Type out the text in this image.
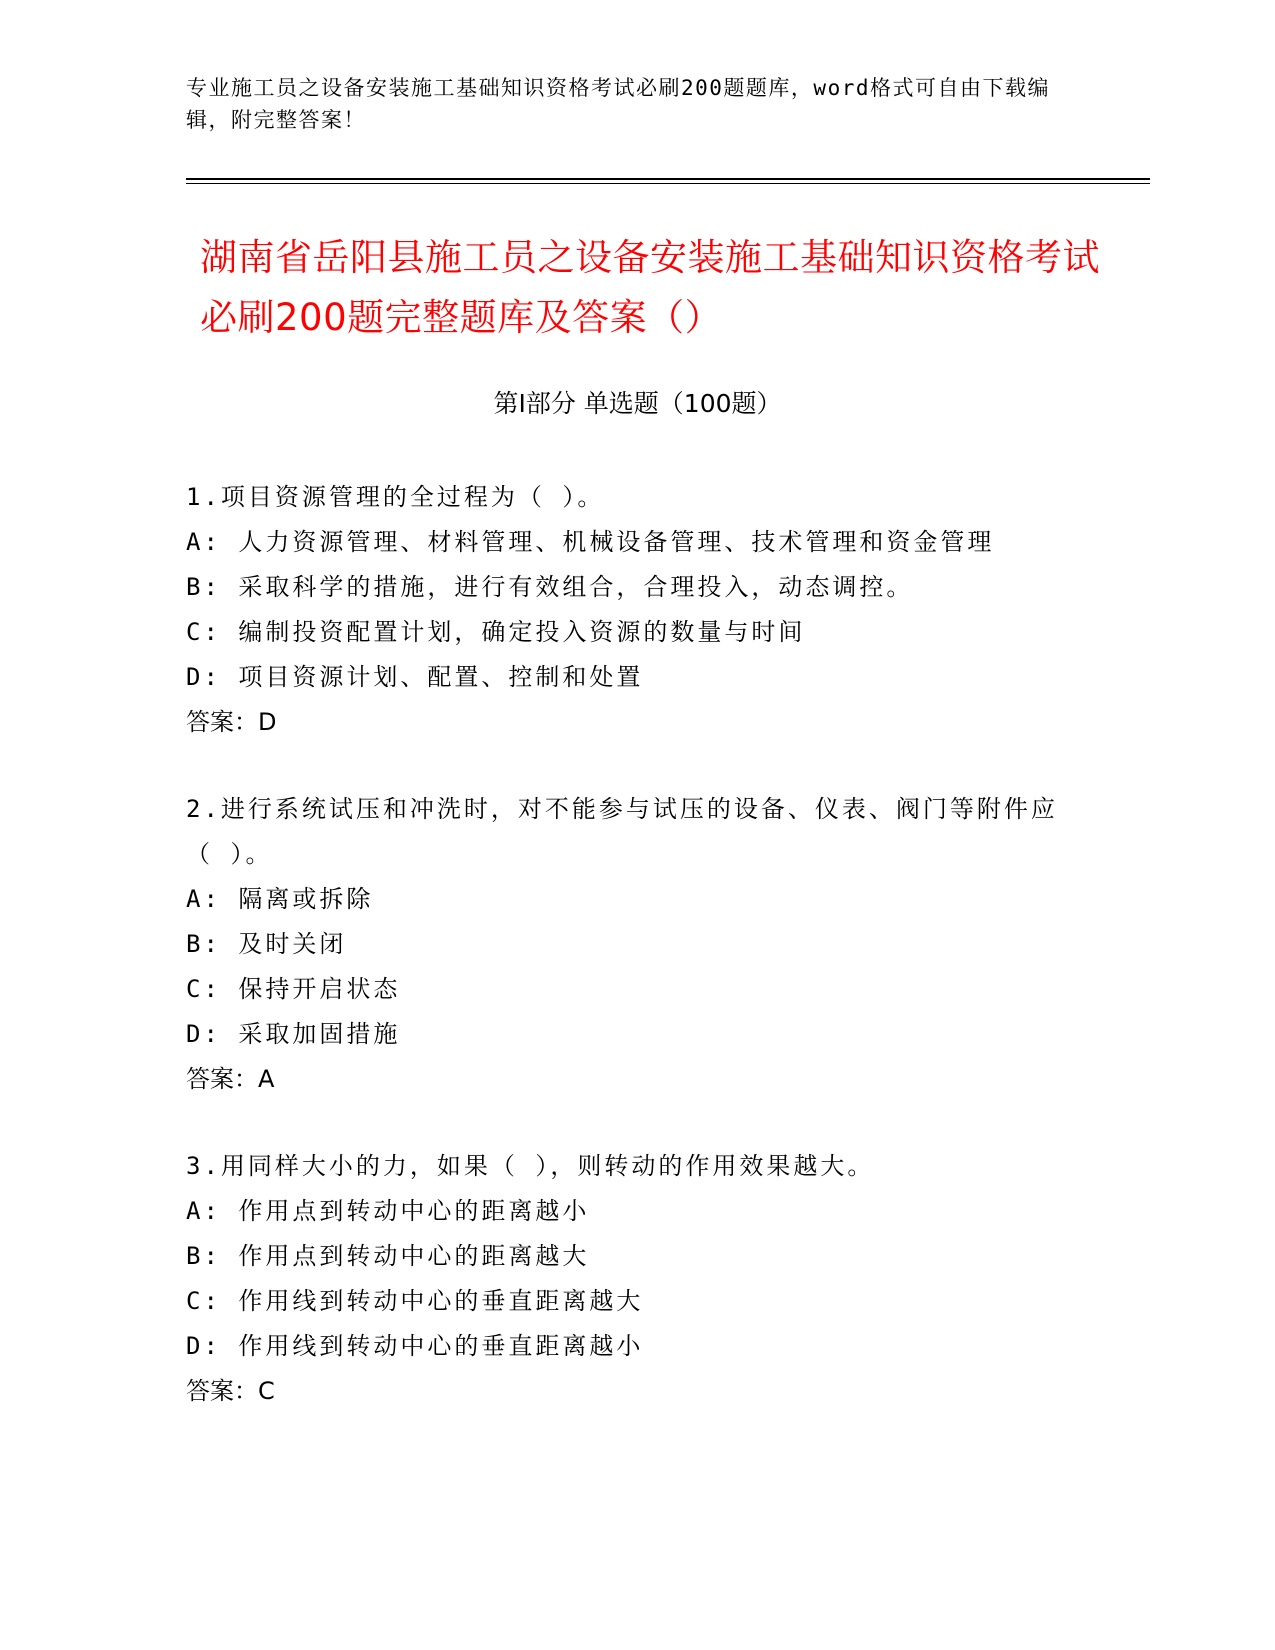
专业施工员之设备安装施工基础知识资格考试必刷200题题库，word格式可自由下载编辑，附完整答案！
湖南省岳阳县施工员之设备安装施工基础知识资格考试必刷200题完整题库及答案（）
第I部分 单选题（100题）
1.项目资源管理的全过程为（ ）。
A: 人力资源管理、材料管理、机械设备管理、技术管理和资金管理
B: 采取科学的措施，进行有效组合，合理投入，动态调控。
C: 编制投资配置计划，确定投入资源的数量与时间
D: 项目资源计划、配置、控制和处置
答案：D
2.进行系统试压和冲洗时，对不能参与试压的设备、仪表、阀门等附件应（ ）。
A: 隔离或拆除
B: 及时关闭
C: 保持开启状态
D: 采取加固措施
答案：A
3.用同样大小的力，如果（ ），则转动的作用效果越大。
A: 作用点到转动中心的距离越小
B: 作用点到转动中心的距离越大
C: 作用线到转动中心的垂直距离越大
D: 作用线到转动中心的垂直距离越小
答案：C
